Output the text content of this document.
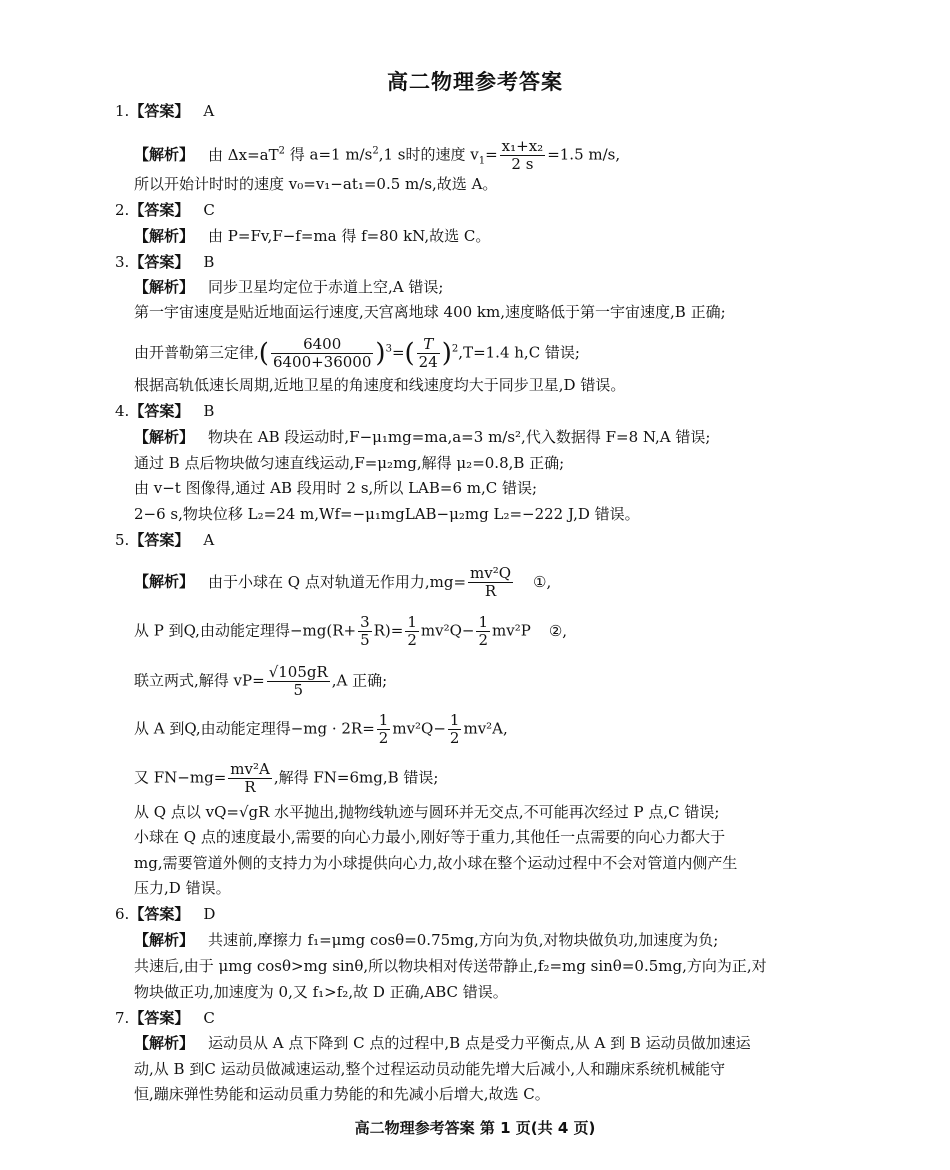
高二物理参考答案
1.【答案】 A
【解析】 由 $\Delta x=aT^2$ 得 a=1 $m/s^2,1$ s时的速度 $v_1= \frac{\text{x₁+x₂}}{2 s} =1.5$ m/s,
所以开始计时时的速度 v₀=v₁−at₁=0.5 m/s,故选 A。
2.【答案】 C
【解析】 由 P=Fv,F−f=ma 得 f=80 kN,故选 C。
3.【答案】 B
【解析】 同步卫星均定位于赤道上空,A 错误;
第一宇宙速度是贴近地面运行速度,天宫离地球 400 km,速度略低于第一宇宙速度,B 正确;
由开普勒第三定律,( $\frac{6400}{6400+36000} )^3=( \frac{T}{24} )^2,T=1.4$ h,C 错误;
根据高轨低速长周期,近地卫星的角速度和线速度均大于同步卫星,D 错误。
4.【答案】 B
【解析】 物块在 AB 段运动时,F−μ₁mg=ma,a=3 m/s²,代入数据得 F=8 N,A 错误;
通过 B 点后物块做匀速直线运动,F=μ₂mg,解得 μ₂=0.8,B 正确;
由 v−t 图像得,通过 AB 段用时 2 s,所以 LAB=6 m,C 错误;
2−6 s,物块位移 L₂=24 m,Wf=−μ₁mgLAB−μ₂mg L₂=−222 J,D 错误。
5.【答案】 A
【解析】 由于小球在 Q 点对轨道无作用力$,mg= \frac{\text{mv²Q}}{R}$ ①,
从 P 到Q,由动能定理得$-mg(R+ \frac{3}{5} R)= \frac{1}{2} mv^2Q- \frac{1}{2} mv^2P$ ②,
联立两式,解得 $vP= \frac{√105gR}{5} ,A$ 正确;
从 A 到Q,由动能定理得$-mg \cdot 2R= \frac{1}{2} mv^2Q- \frac{1}{2} mv^2A$,
又 $FN-mg= \frac{\text{mv²A}}{R}$ ,解得 FN=6mg,B 错误;
从 Q 点以 vQ=√gR 水平抛出,抛物线轨迹与圆环并无交点,不可能再次经过 P 点,C 错误;
小球在 Q 点的速度最小,需要的向心力最小,刚好等于重力,其他任一点需要的向心力都大于
mg,需要管道外侧的支持力为小球提供向心力,故小球在整个运动过程中不会对管道内侧产生
压力,D 错误。
6.【答案】 D
【解析】 共速前,摩擦力 f₁=μmg cosθ=0.75mg,方向为负,对物块做负功,加速度为负;
共速后,由于 μmg cosθ>mg sinθ,所以物块相对传送带静止,f₂=mg sinθ=0.5mg,方向为正,对
物块做正功,加速度为 0,又 f₁>f₂,故 D 正确,ABC 错误。
7.【答案】 C
【解析】 运动员从 A 点下降到 C 点的过程中,B 点是受力平衡点,从 A 到 B 运动员做加速运
动,从 B 到C 运动员做减速运动,整个过程运动员动能先增大后减小,人和蹦床系统机械能守
恒,蹦床弹性势能和运动员重力势能的和先减小后增大,故选 C。
高二物理参考答案 第 1 页(共 4 页)
